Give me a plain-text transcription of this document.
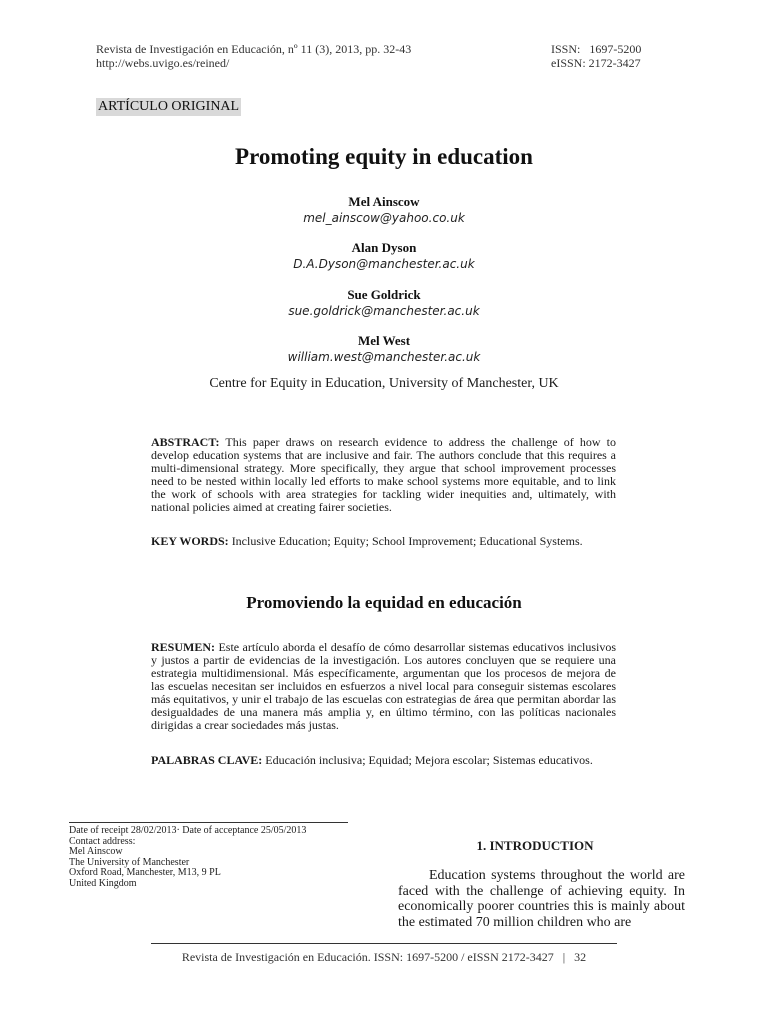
Revista de Investigación en Educación, nº 11 (3), 2013, pp. 32-43
http://webs.uvigo.es/reined/
ISSN:   1697-5200
eISSN: 2172-3427
ARTÍCULO ORIGINAL
Promoting equity in education
Mel Ainscow
mel_ainscow@yahoo.co.uk
Alan Dyson
D.A.Dyson@manchester.ac.uk
Sue Goldrick
sue.goldrick@manchester.ac.uk
Mel West
william.west@manchester.ac.uk
Centre for Equity in Education, University of Manchester, UK
ABSTRACT: This paper draws on research evidence to address the challenge of how to develop education systems that are inclusive and fair. The authors conclude that this requires a multi-dimensional strategy. More specifically, they argue that school improvement processes need to be nested within locally led efforts to make school systems more equitable, and to link the work of schools with area strategies for tackling wider inequities and, ultimately, with national policies aimed at creating fairer societies.
KEY WORDS: Inclusive Education; Equity; School Improvement; Educational Systems.
Promoviendo la equidad en educación
RESUMEN: Este artículo aborda el desafío de cómo desarrollar sistemas educativos inclusivos y justos a partir de evidencias de la investigación. Los autores concluyen que se requiere una estrategia multidimensional. Más específicamente, argumentan que los procesos de mejora de las escuelas necesitan ser incluidos en esfuerzos a nivel local para conseguir sistemas escolares más equitativos, y unir el trabajo de las escuelas con estrategias de área que permitan abordar las desigualdades de una manera más amplia y, en último término, con las políticas nacionales dirigidas a crear sociedades más justas.
PALABRAS CLAVE: Educación inclusiva; Equidad; Mejora escolar; Sistemas educativos.
Date of receipt 28/02/2013· Date of acceptance 25/05/2013
Contact address:
Mel Ainscow
The University of Manchester
Oxford Road, Manchester, M13, 9 PL
United Kingdom
1. INTRODUCTION
Education systems throughout the world are faced with the challenge of achieving equity. In economically poorer countries this is mainly about the estimated 70 million children who are
Revista de Investigación en Educación. ISSN: 1697-5200 / eISSN 2172-3427 | 32
